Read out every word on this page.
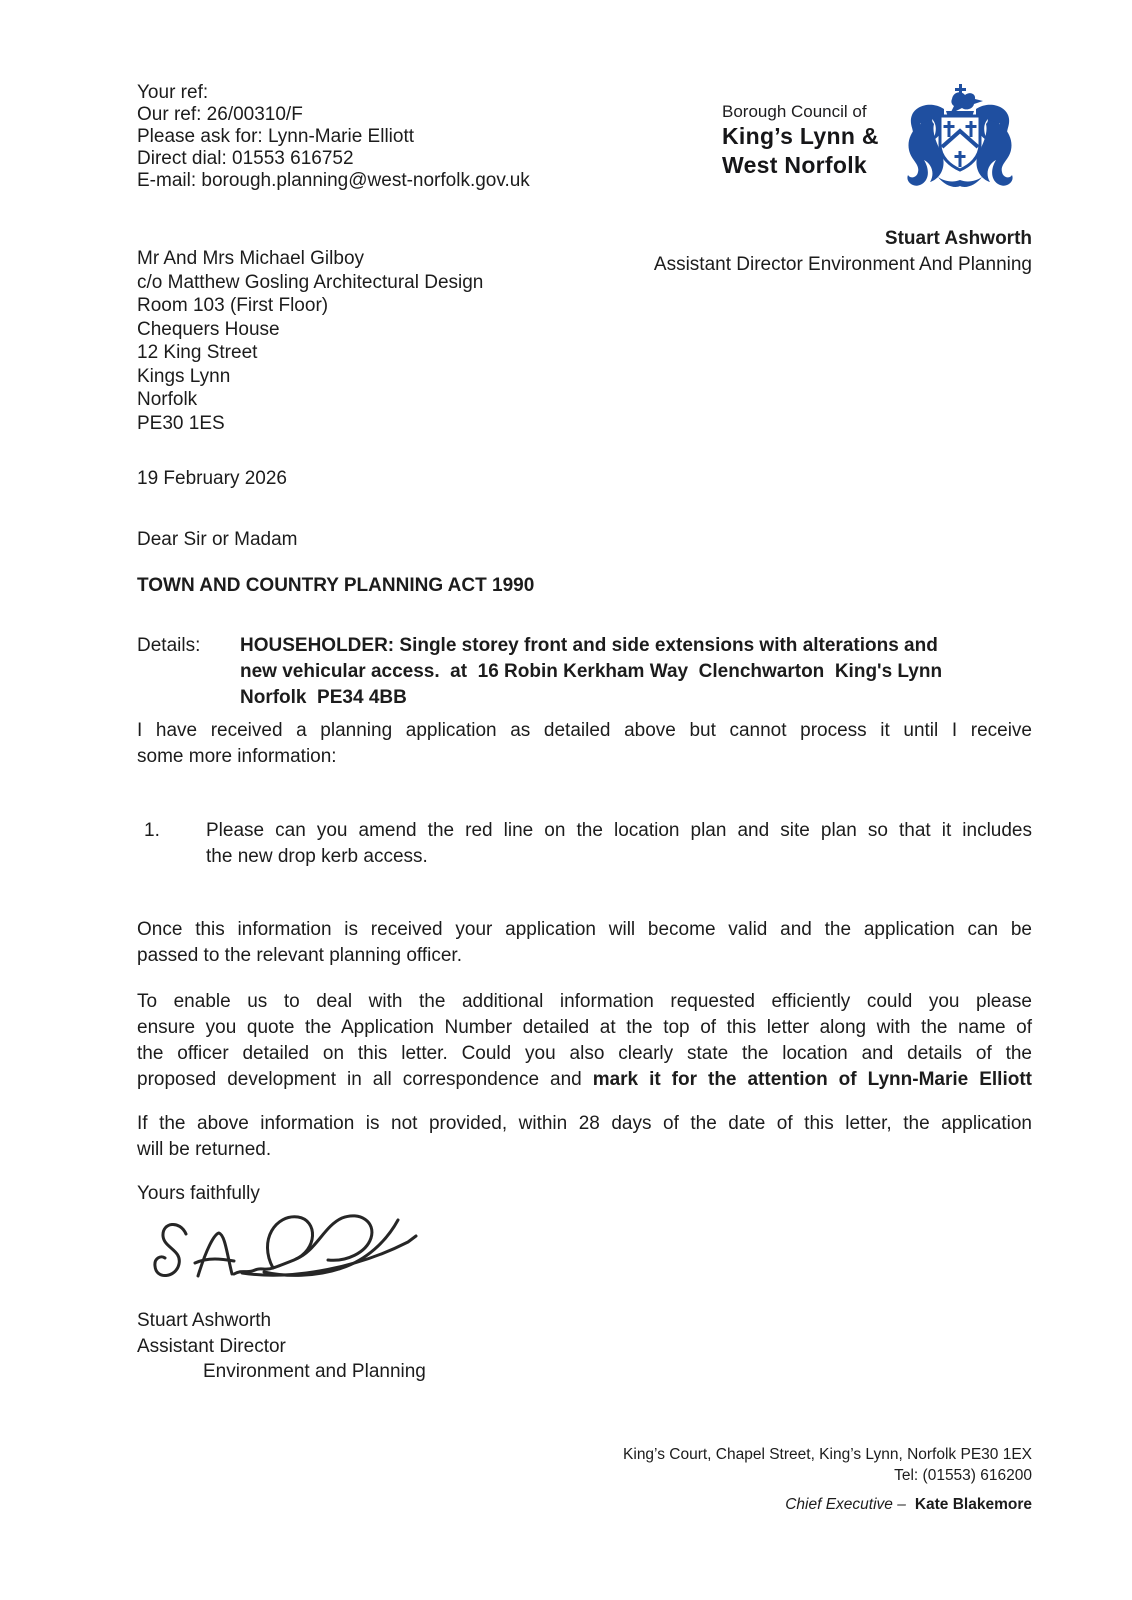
Your ref:
Our ref: 26/00310/F
Please ask for: Lynn-Marie Elliott
Direct dial: 01553 616752
E-mail: borough.planning@west-norfolk.gov.uk
Borough Council of
King’s Lynn &
West Norfolk
Stuart Ashworth
Assistant Director Environment And Planning
Mr And Mrs Michael Gilboy
c/o Matthew Gosling Architectural Design
Room 103 (First Floor)
Chequers House
12 King Street
Kings Lynn
Norfolk
PE30 1ES
19 February 2026
Dear Sir or Madam
TOWN AND COUNTRY PLANNING ACT 1990
Details:	HOUSEHOLDER: Single storey front and side extensions with alterations and
new vehicular access.  at  16 Robin Kerkham Way  Clenchwarton  King's Lynn
Norfolk  PE34 4BB
I have received a planning application as detailed above but cannot process it until I receive
some more information:
1.	Please can you amend the red line on the location plan and site plan so that it includes
the new drop kerb access.
Once this information is received your application will become valid and the application can be
passed to the relevant planning officer.
To enable us to deal with the additional information requested efficiently could you please
ensure you quote the Application Number detailed at the top of this letter along with the name of
the officer detailed on this letter. Could you also clearly state the location and details of the
proposed development in all correspondence and mark it for the attention of Lynn-Marie Elliott
If the above information is not provided, within 28 days of the date of this letter, the application
will be returned.
Yours faithfully
Stuart Ashworth
Assistant Director
Environment and Planning
King’s Court, Chapel Street, King’s Lynn, Norfolk PE30 1EX
Tel: (01553) 616200
Chief Executive – Kate Blakemore
